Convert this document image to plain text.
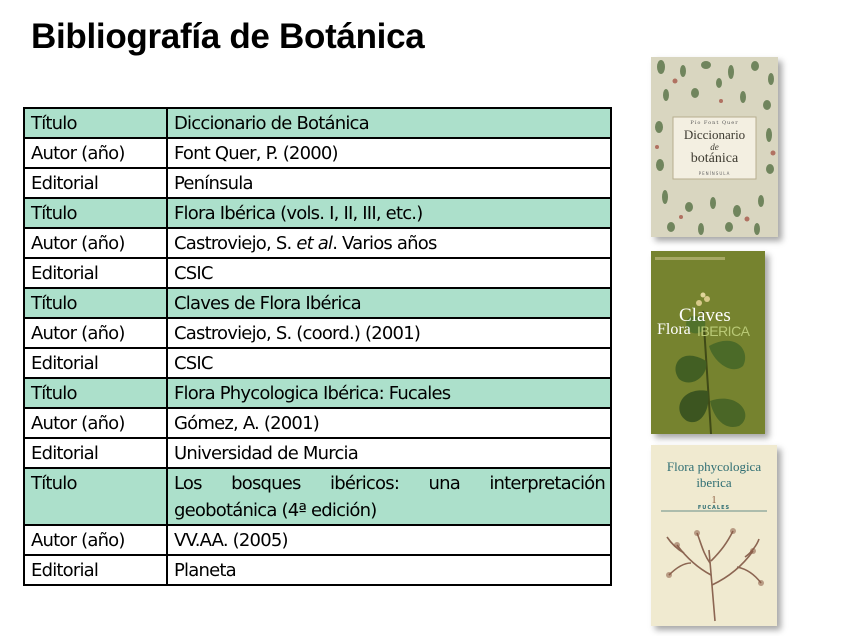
Bibliografía de Botánica
Título	Diccionario de Botánica
Autor (año)	Font Quer, P. (2000)
Editorial	Península
Título	Flora Ibérica (vols. I, II, III, etc.)
Autor (año)	Castroviejo, S. et al. Varios años
Editorial	CSIC
Título	Claves de Flora Ibérica
Autor (año)	Castroviejo, S. (coord.) (2001)
Editorial	CSIC
Título	Flora Phycologica Ibérica: Fucales
Autor (año)	Gómez, A. (2001)
Editorial	Universidad de Murcia
Título	Los bosques ibéricos: una interpretación
geobotánica (4ª edición)
Autor (año)	VV.AA. (2005)
Editorial	Planeta
Pío Font Quer
Diccionario
de
botánica
PENÍNSULA
Claves
Flora IBERICA
Flora phycologica
iberica
1
FUCALES
